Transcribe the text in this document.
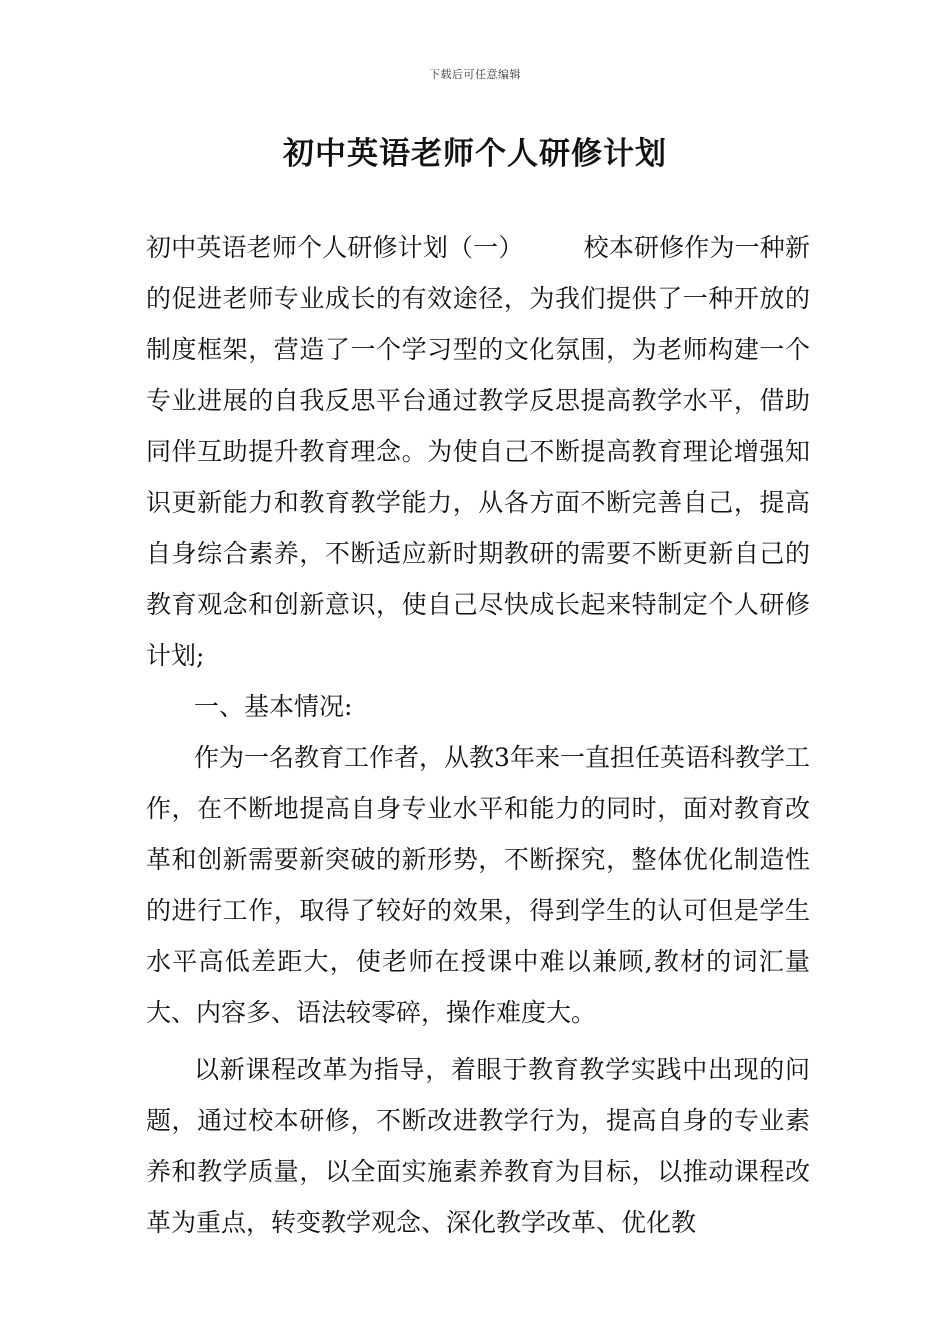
下载后可任意编辑
初中英语老师个人研修计划

初中英语老师个人研修计划（一） 校本研修作为一种新的促进老师专业成长的有效途径，为我们提供了一种开放的制度框架，营造了一个学习型的文化氛围，为老师构建一个专业进展的自我反思平台通过教学反思提高教学水平，借助同伴互助提升教育理念。为使自己不断提高教育理论增强知识更新能力和教育教学能力，从各方面不断完善自己，提高自身综合素养，不断适应新时期教研的需要不断更新自己的教育观念和创新意识，使自己尽快成长起来特制定个人研修计划;

一、基本情况:

作为一名教育工作者，从教3年来一直担任英语科教学工作，在不断地提高自身专业水平和能力的同时，面对教育改革和创新需要新突破的新形势，不断探究，整体优化制造性的进行工作，取得了较好的效果，得到学生的认可但是学生水平高低差距大，使老师在授课中难以兼顾,教材的词汇量大、内容多、语法较零碎，操作难度大。

以新课程改革为指导，着眼于教育教学实践中出现的问题，通过校本研修，不断改进教学行为，提高自身的专业素养和教学质量，以全面实施素养教育为目标，以推动课程改革为重点，转变教学观念、深化教学改革、优化教
